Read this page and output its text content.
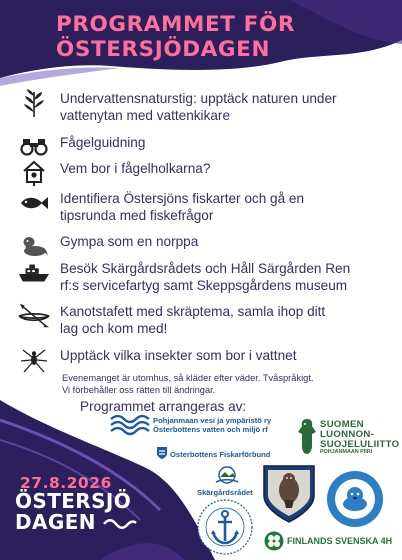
PROGRAMMET FÖR
ÖSTERSJÖDAGEN
Undervattensnaturstig: upptäck naturen under
vattenytan med vattenkikare
Fågelguidning
Vem bor i fågelholkarna?
Identifiera Östersjöns fiskarter och gå en
tipsrunda med fiskefrågor
Gympa som en norppa
Besök Skärgårdsrådets och Håll Särgården Ren
rf:s servicefartyg samt Skeppsgårdens museum
Kanotstafett med skräptema, samla ihop ditt
lag och kom med!
Upptäck vilka insekter som bor i vattnet
Evenemanget är utomhus, så kläder efter väder. Tvåspråkigt.
Vi förbehåller oss rätten till ändringar.
Programmet arrangeras av:
27.8.2026
ÖSTERSJÖ
DAGEN
Pohjanmaan vesi ja ympäristö ry
Österbottens vatten och miljö rf
Österbottens Fiskarförbund
SUOMEN
LUONNON-
SUOJELULIITTO
POHJANMAAN PIIRI
Skärgårdsrådet
FINLANDS SVENSKA 4H
